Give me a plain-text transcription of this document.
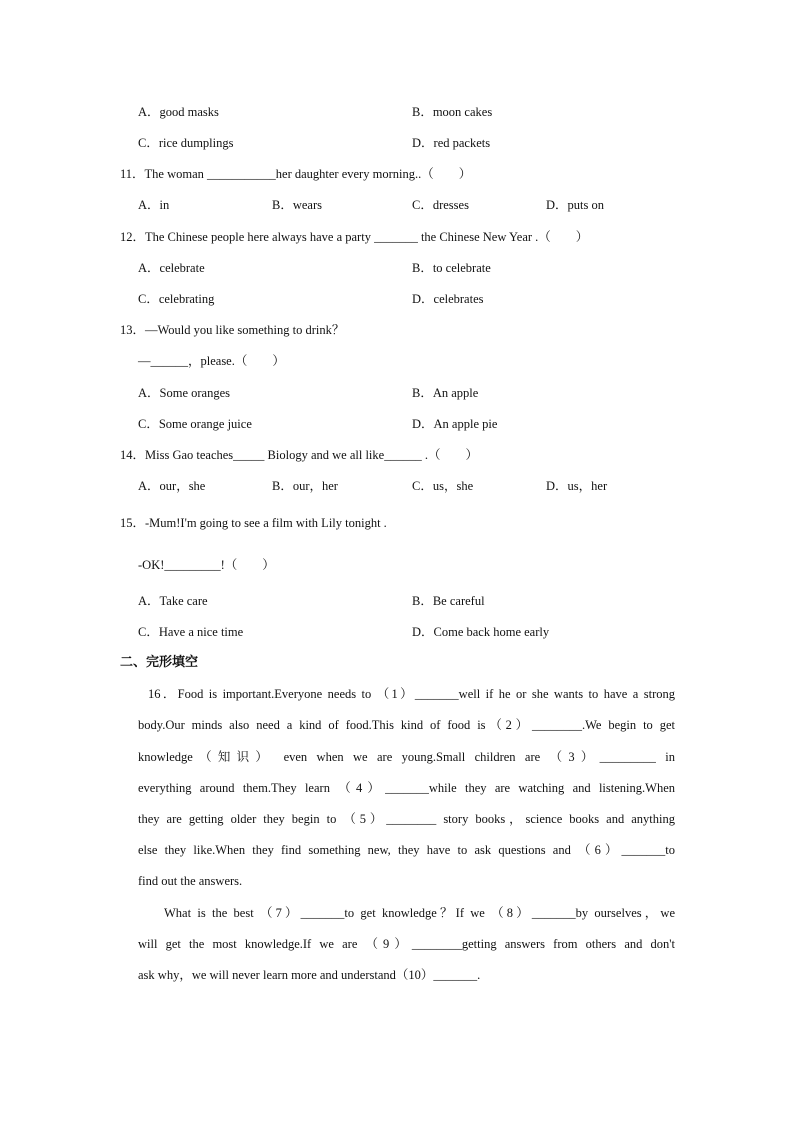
A．good masks	B．moon cakes
C．rice dumplings	D．red packets
11．The woman ___________her daughter every morning..（　　）
A．in	B．wears	C．dresses	D．puts on
12．The Chinese people here always have a party _______ the Chinese New Year .（　　）
A．celebrate	B．to celebrate
C．celebrating	D．celebrates
13．—Would you like something to drink？
—______，please.（　　）
A．Some oranges	B．An apple
C．Some orange juice	D．An apple pie
14．Miss Gao teaches_____ Biology and we all like______ .（　　）
A．our，she	B．our，her	C．us，she	D．us，her
15．-Mum!I'm going to see a film with Lily tonight .
-OK!_________!（　　）
A．Take care	B．Be careful
C．Have a nice time	D．Come back home early
二、完形填空
16．Food is important.Everyone needs to （1）_______well if he or she wants to have a strong
body.Our minds also need a kind of food.This kind of food is（2）________.We begin to get
knowledge（知识） even when we are young.Small children are （3）_________ in
everything around them.They learn （4）_______while they are watching and listening.When
they are getting older they begin to （5）________ story books，science books and anything
else they like.When they find something new, they have to ask questions and （6）_______to
find out the answers.
What is the best （7）_______to get knowledge？If we （8）_______by ourselves，we
will get the most knowledge.If we are （9）________getting answers from others and don't
ask why，we will never learn more and understand（10）_______.
